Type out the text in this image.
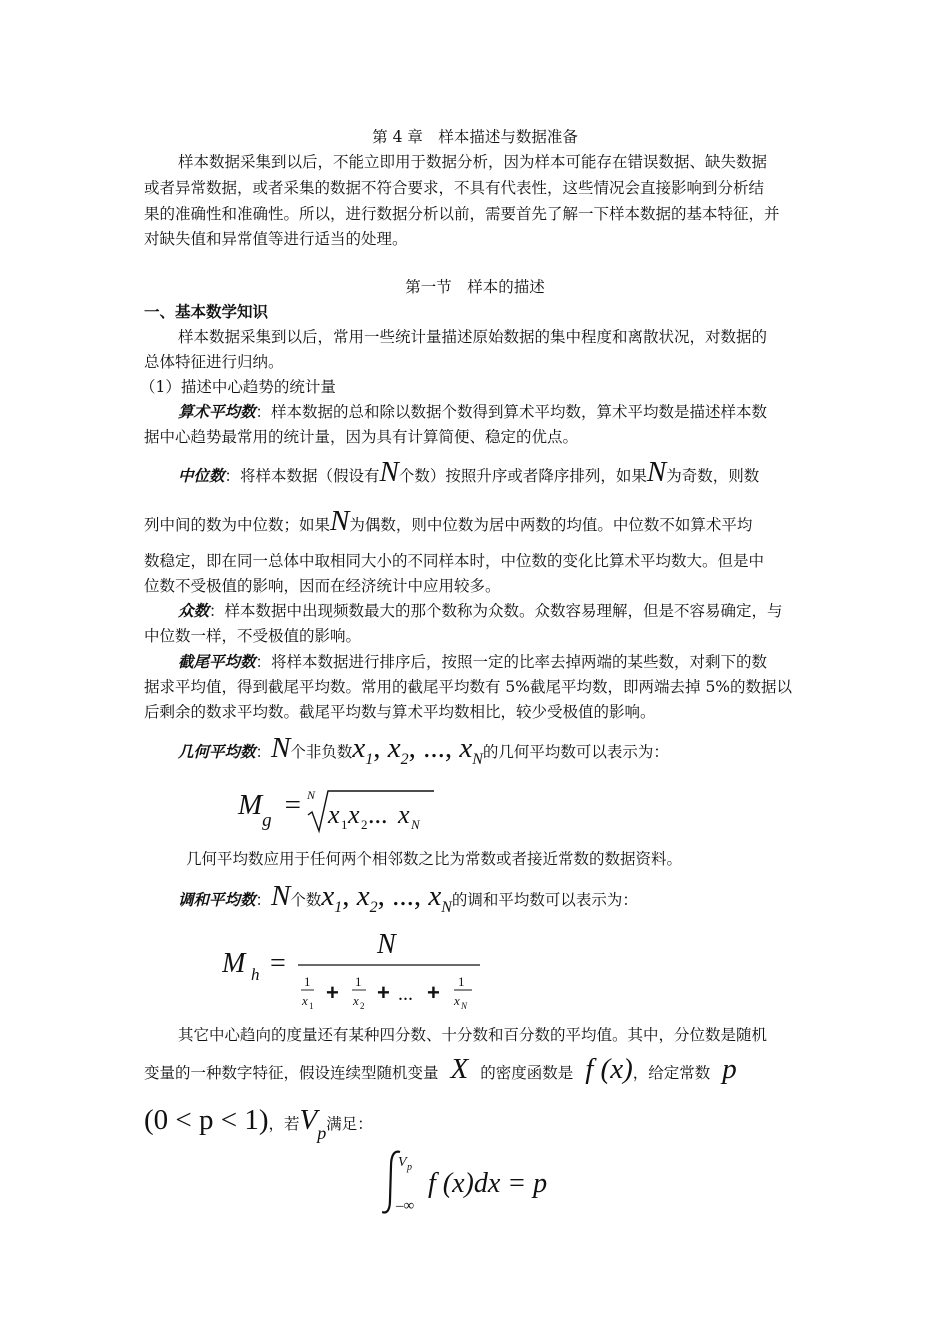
第 4 章　样本描述与数据准备
样本数据采集到以后，不能立即用于数据分析，因为样本可能存在错误数据、缺失数据
或者异常数据，或者采集的数据不符合要求，不具有代表性，这些情况会直接影响到分析结
果的准确性和准确性。所以，进行数据分析以前，需要首先了解一下样本数据的基本特征，并
对缺失值和异常值等进行适当的处理。
第一节　样本的描述
一、基本数学知识
样本数据采集到以后，常用一些统计量描述原始数据的集中程度和离散状况，对数据的
总体特征进行归纳。
（1）描述中心趋势的统计量
算术平均数：样本数据的总和除以数据个数得到算术平均数，算术平均数是描述样本数
据中心趋势最常用的统计量，因为具有计算简便、稳定的优点。
中位数：将样本数据（假设有N个数）按照升序或者降序排列，如果N为奇数，则数
列中间的数为中位数；如果N为偶数，则中位数为居中两数的均值。中位数不如算术平均
数稳定，即在同一总体中取相同大小的不同样本时，中位数的变化比算术平均数大。但是中
位数不受极值的影响，因而在经济统计中应用较多。
众数：样本数据中出现频数最大的那个数称为众数。众数容易理解，但是不容易确定，与
中位数一样，不受极值的影响。
截尾平均数：将样本数据进行排序后，按照一定的比率去掉两端的某些数，对剩下的数
据求平均值，得到截尾平均数。常用的截尾平均数有 5%截尾平均数，即两端去掉 5%的数据以
后剩余的数求平均数。截尾平均数与算术平均数相比，较少受极值的影响。
几何平均数：N个非负数$x_1$, $x_2$, ..., $x_N$的几何平均数可以表示为：
Mg = N
x 1 x 2 ... x N
几何平均数应用于任何两个相邻数之比为常数或者接近常数的数据资料。
调和平均数：N个数$x_1$, $x_2$, ..., $x_N$的调和平均数可以表示为：
M h =
N
1
x 1
+ 1
x 2
+ ... + 1
x N
其它中心趋向的度量还有某种四分数、十分数和百分数的平均值。其中，分位数是随机
变量的一种数字特征，假设连续型随机变量 X 的密度函数是 f (x)，给定常数 p
(0 < p < 1)，若Vp满足：
V p
–∞
f (x)dx = p
